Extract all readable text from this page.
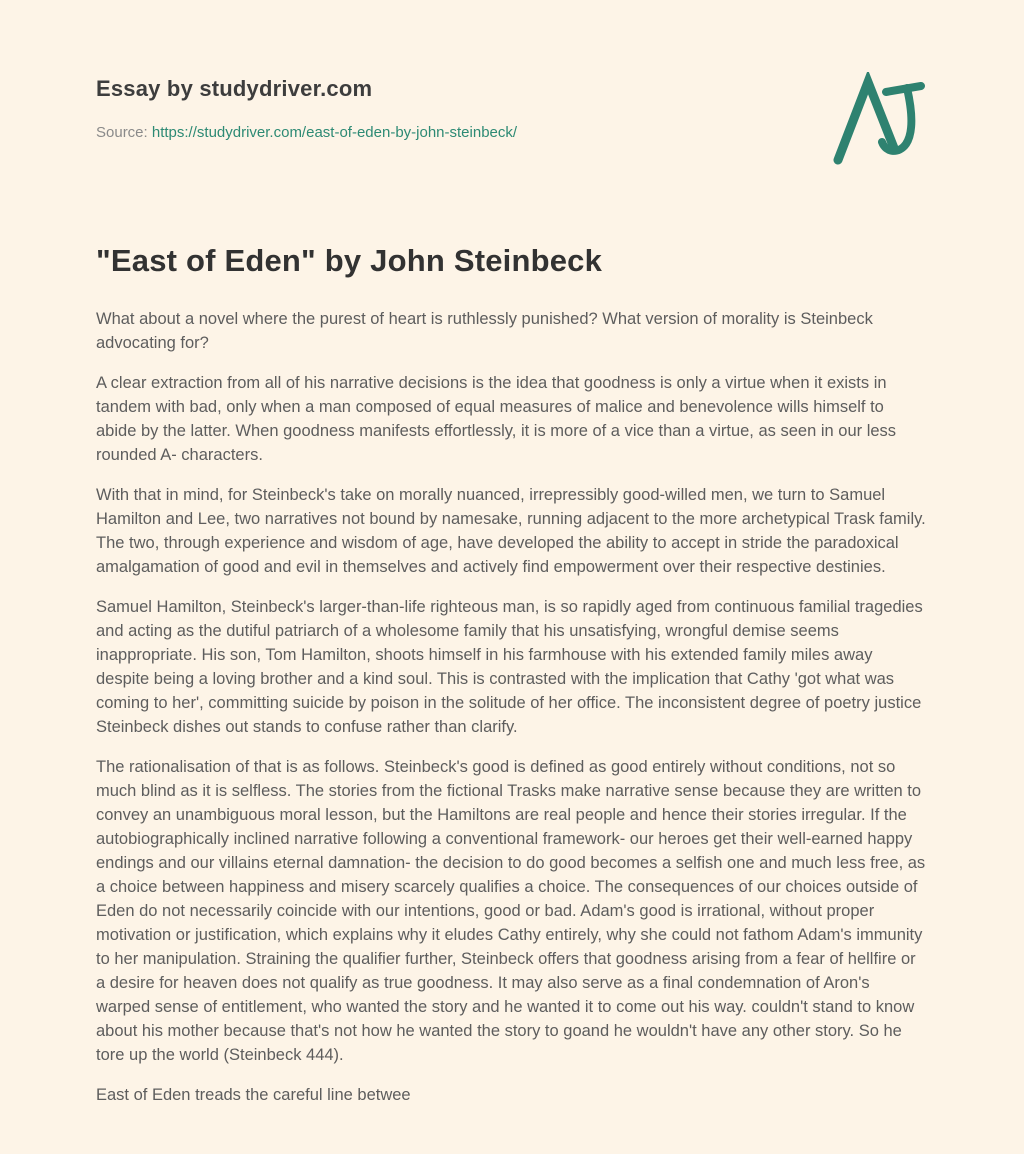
Essay by studydriver.com
Source: https://studydriver.com/east-of-eden-by-john-steinbeck/
"East of Eden" by John Steinbeck

What about a novel where the purest of heart is ruthlessly punished? What version of morality is Steinbeck advocating for?

A clear extraction from all of his narrative decisions is the idea that goodness is only a virtue when it exists in tandem with bad, only when a man composed of equal measures of malice and benevolence wills himself to abide by the latter. When goodness manifests effortlessly, it is more of a vice than a virtue, as seen in our less rounded A- characters.

With that in mind, for Steinbeck's take on morally nuanced, irrepressibly good-willed men, we turn to Samuel Hamilton and Lee, two narratives not bound by namesake, running adjacent to the more archetypical Trask family. The two, through experience and wisdom of age, have developed the ability to accept in stride the paradoxical amalgamation of good and evil in themselves and actively find empowerment over their respective destinies.

Samuel Hamilton, Steinbeck's larger-than-life righteous man, is so rapidly aged from continuous familial tragedies and acting as the dutiful patriarch of a wholesome family that his unsatisfying, wrongful demise seems inappropriate. His son, Tom Hamilton, shoots himself in his farmhouse with his extended family miles away despite being a loving brother and a kind soul. This is contrasted with the implication that Cathy 'got what was coming to her', committing suicide by poison in the solitude of her office. The inconsistent degree of poetry justice Steinbeck dishes out stands to confuse rather than clarify.

The rationalisation of that is as follows. Steinbeck's good is defined as good entirely without conditions, not so much blind as it is selfless. The stories from the fictional Trasks make narrative sense because they are written to convey an unambiguous moral lesson, but the Hamiltons are real people and hence their stories irregular. If the autobiographically inclined narrative following a conventional framework- our heroes get their well-earned happy endings and our villains eternal damnation- the decision to do good becomes a selfish one and much less free, as a choice between happiness and misery scarcely qualifies a choice. The consequences of our choices outside of Eden do not necessarily coincide with our intentions, good or bad. Adam's good is irrational, without proper motivation or justification, which explains why it eludes Cathy entirely, why she could not fathom Adam's immunity to her manipulation. Straining the qualifier further, Steinbeck offers that goodness arising from a fear of hellfire or a desire for heaven does not qualify as true goodness. It may also serve as a final condemnation of Aron's warped sense of entitlement, who wanted the story and he wanted it to come out his way. couldn't stand to know about his mother because that's not how he wanted the story to goand he wouldn't have any other story. So he tore up the world (Steinbeck 444).

East of Eden treads the careful line betwee
